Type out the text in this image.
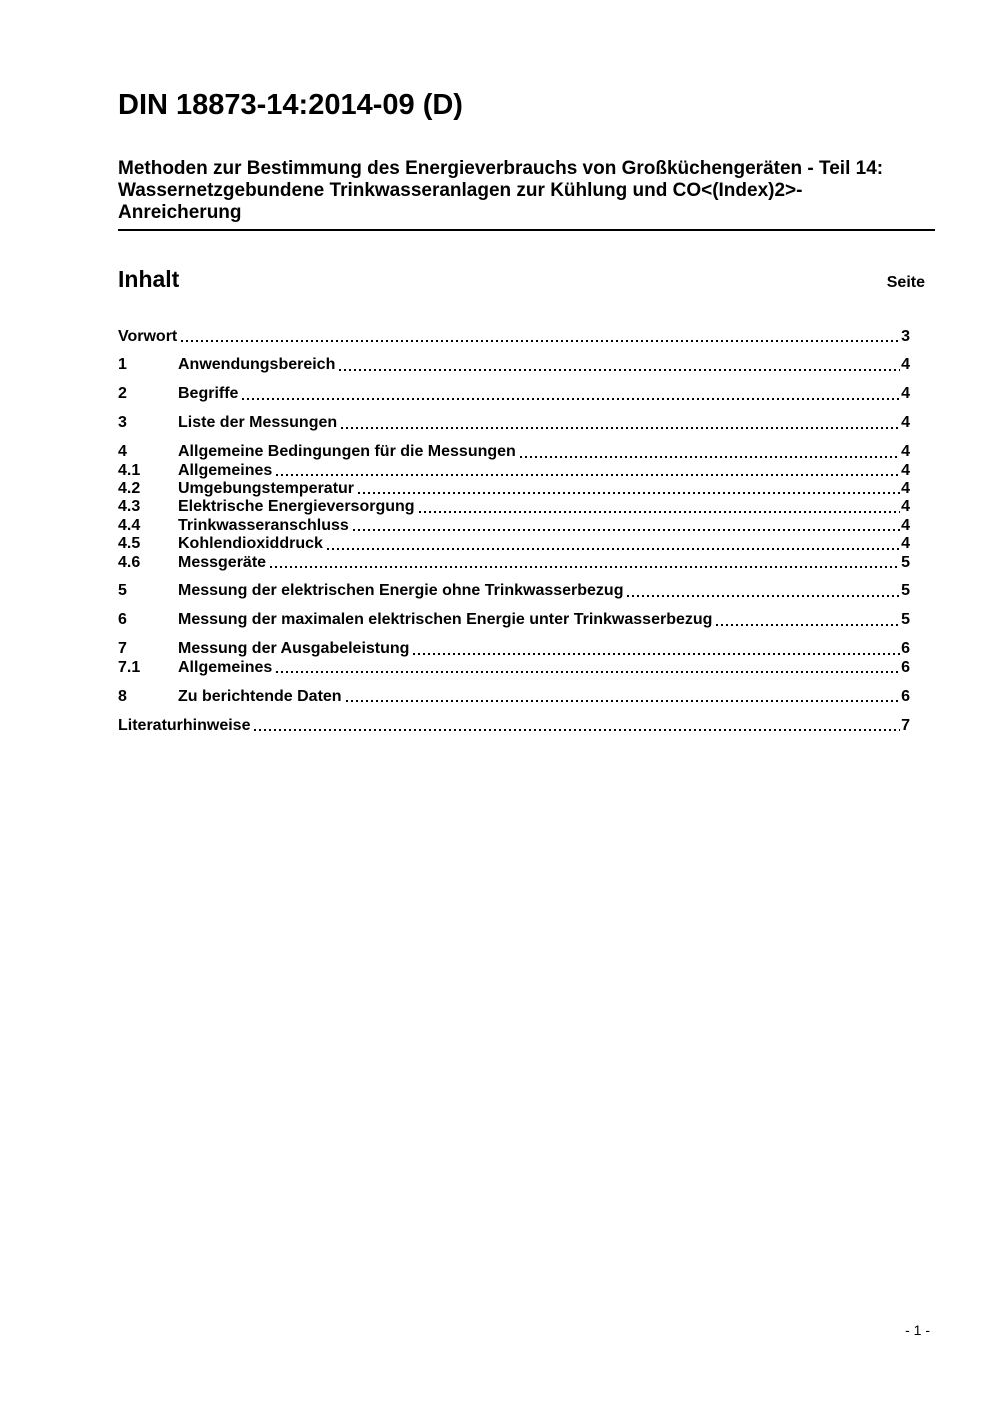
DIN 18873-14:2014-09 (D)
Methoden zur Bestimmung des Energieverbrauchs von Großküchengeräten - Teil 14:
Wassernetzgebundene Trinkwasseranlagen zur Kühlung und CO<(Index)2>-
Anreicherung
Inhalt	Seite
Vorwort	3
1	Anwendungsbereich	4
2	Begriffe	4
3	Liste der Messungen	4
4	Allgemeine Bedingungen für die Messungen	4
4.1	Allgemeines	4
4.2	Umgebungstemperatur	4
4.3	Elektrische Energieversorgung	4
4.4	Trinkwasseranschluss	4
4.5	Kohlendioxiddruck	4
4.6	Messgeräte	5
5	Messung der elektrischen Energie ohne Trinkwasserbezug	5
6	Messung der maximalen elektrischen Energie unter Trinkwasserbezug	5
7	Messung der Ausgabeleistung	6
7.1	Allgemeines	6
8	Zu berichtende Daten	6
Literaturhinweise	7
- 1 -
